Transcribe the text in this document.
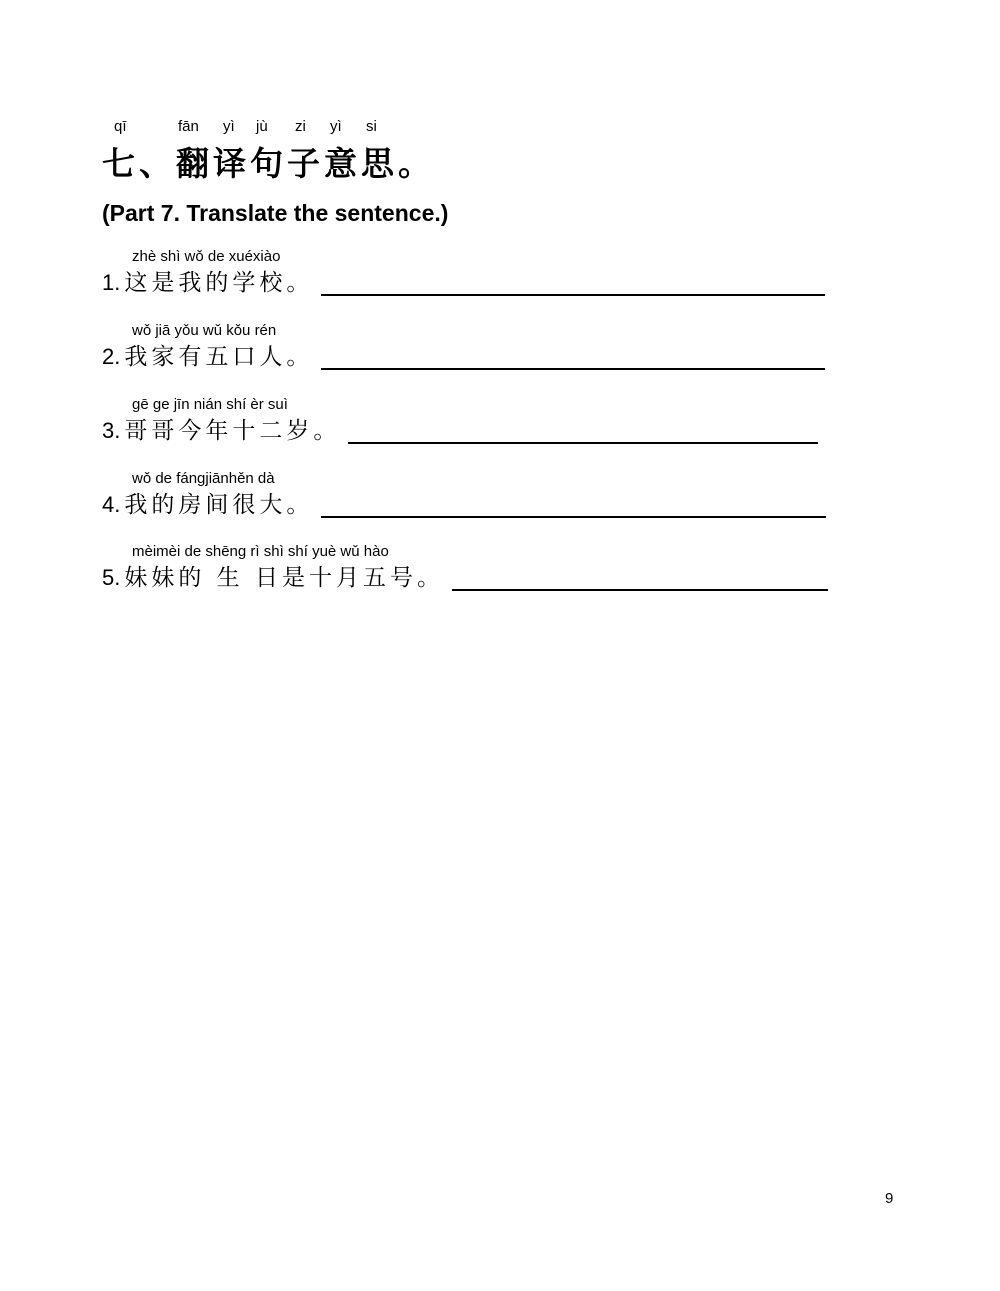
qī	fān yì jù zi yì si
七、翻译句子意思。
(Part 7. Translate the sentence.)
zhè shì wǒ de xuéxiào
1. 这是我的学校。
wǒ jiā yǒu wǔ kǒu rén
2. 我家有五口人。
gē ge jīn nián shí èr suì
3. 哥哥今年十二岁。
wǒ de fángjiānhěn dà
4. 我的房间很大。
mèimèi de shēng rì shì shí yuè wǔ hào
5. 妹妹的 生 日是十月五号。
9
